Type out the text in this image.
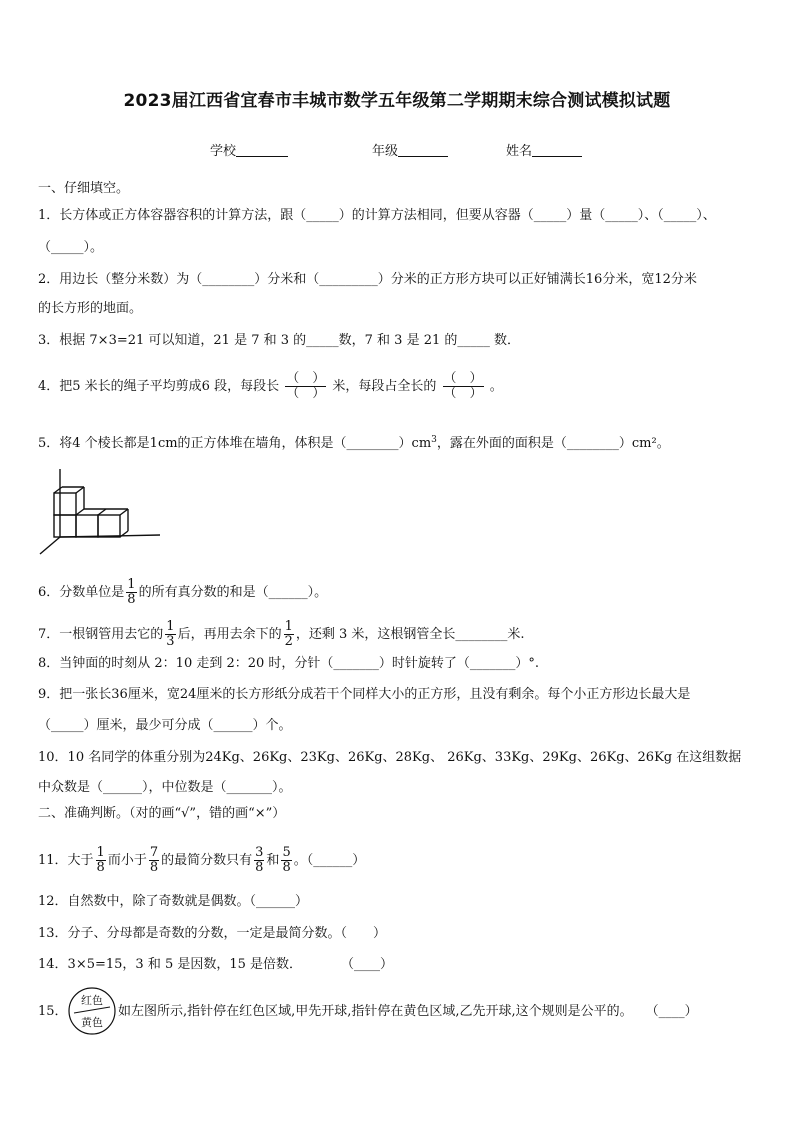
2023届江西省宜春市丰城市数学五年级第二学期期末综合测试模拟试题
学校	年级	姓名
一、仔细填空。
1．长方体或正方体容器容积的计算方法，跟（_____）的计算方法相同，但要从容器（_____）量（_____）、（_____）、
（_____）。
2．用边长（整分米数）为（________）分米和（_________）分米的正方形方块可以正好铺满长16分米，宽12分米
的长方形的地面。
3．根据 7×3=21 可以知道，21 是 7 和 3 的_____数，7 和 3 是 21 的_____ 数．
4．把5 米长的绳子平均剪成6 段，每段长 $\frac{( )}{( )}$ 米，每段占全长的 $\frac{( )}{( )}$ 。
5．将4 个棱长都是1cm的正方体堆在墙角，体积是$(\_\_\_\_\_\_\_\_)cm^3$，露在外面的面积是（________）cm²。
6．分数单位是 $\frac{1}{8}$ 的所有真分数的和是（______）。
7．一根钢管用去它的 $\frac{1}{3}$ 后，再用去余下的 $\frac{1}{2}$ ，还剩 3 米，这根钢管全长________米.
8．当钟面的时刻从 2：10 走到 2：20 时，分针（_______）时针旋转了（_______）°.
9．把一张长36厘米，宽24厘米的长方形纸分成若干个同样大小的正方形，且没有剩余。每个小正方形边长最大是
（_____）厘米，最少可分成（______）个。
10．10 名同学的体重分别为24Kg、26Kg、23Kg、26Kg、28Kg、 26Kg、33Kg、29Kg、26Kg、26Kg 在这组数据
中众数是（______），中位数是（_______）。
二、准确判断。（对的画“√”，错的画“×”）
11．大于 $\frac{1}{8}$ 而小于 $\frac{7}{8}$ 的最简分数只有 $\frac{3}{8}$ 和 $\frac{5}{8}$ 。（______）
12．自然数中，除了奇数就是偶数。（______）
13．分子、分母都是奇数的分数，一定是最简分数。（　　）
14．3×5=15，3 和 5 是因数，15 是倍数．　　　　（____）
15．
红色
黄色
如左图所示,指针停在红色区域,甲先开球,指针停在黄色区域,乙先开球,这个规则是公平的。　　（____）
